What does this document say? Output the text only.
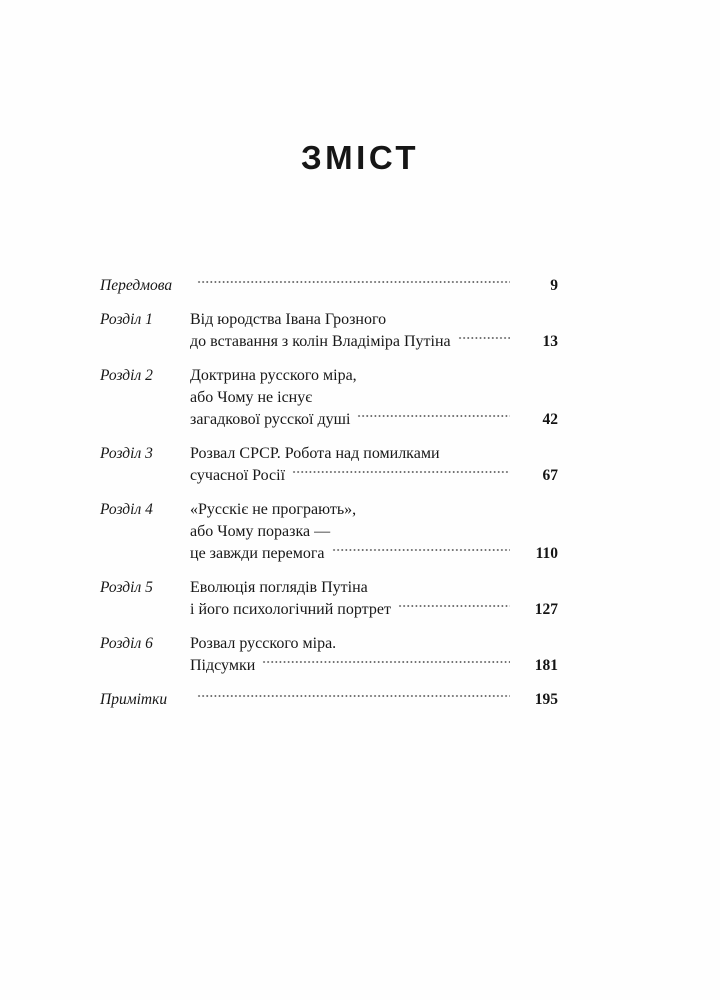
ЗМІСТ
Передмова	9
Розділ 1	Від юродства Івана Грозного
до вставання з колін Владіміра Путіна	13
Розділ 2	Доктрина русского міра,
або Чому не існує
загадкової русскої душі	42
Розділ 3	Розвал СРСР. Робота над помилками
сучасної Росії	67
Розділ 4	«Русскіє не програють»,
або Чому поразка —
це завжди перемога	110
Розділ 5	Еволюція поглядів Путіна
і його психологічний портрет	127
Розділ 6	Розвал русского міра.
Підсумки	181
Примітки	195
